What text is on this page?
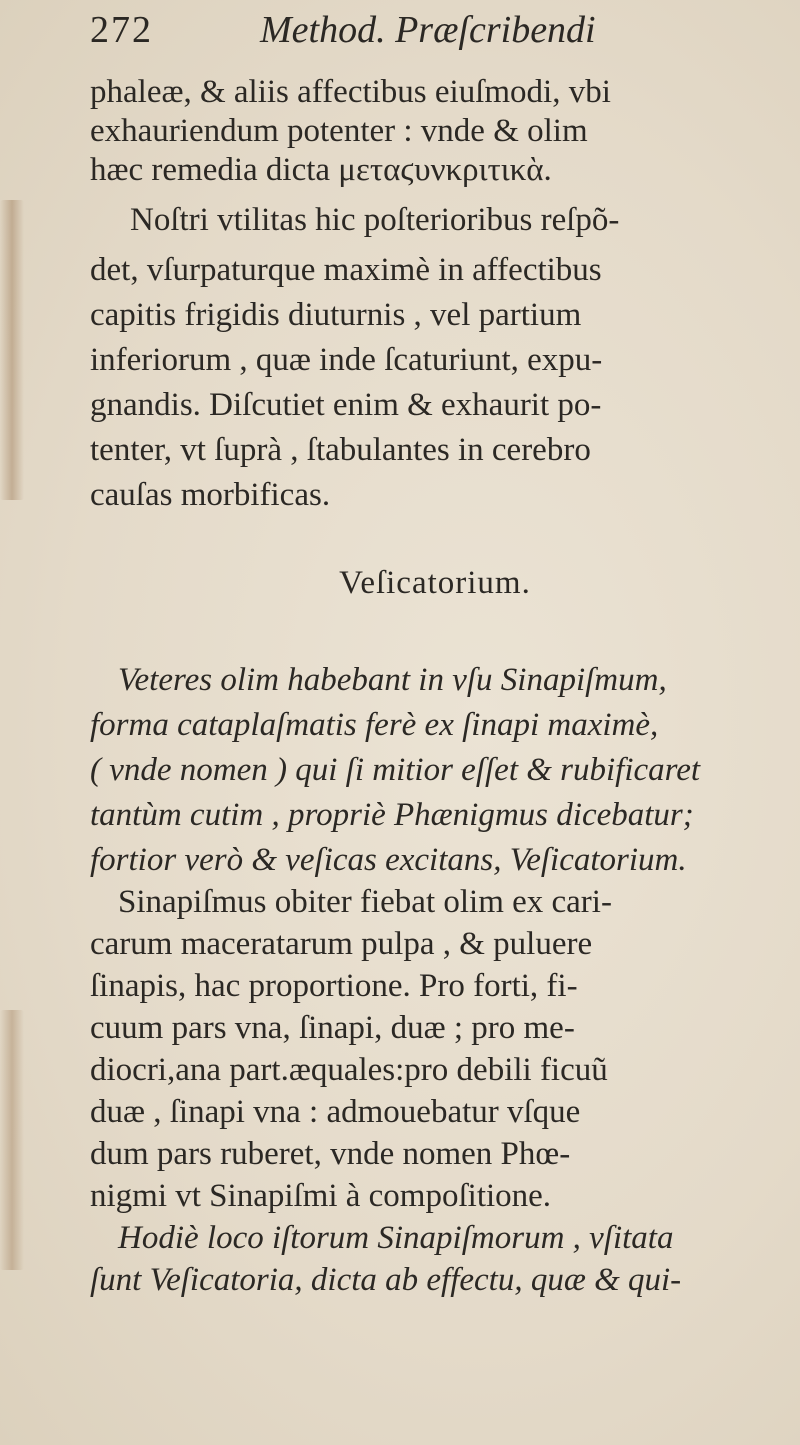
272	Method. Præſcribendi
phaleæ, & aliis affectibus eiuſmodi, vbi
exhauriendum potenter : vnde & olim
hæc remedia dicta μεταϛυνκριτικὰ.
Noſtri vtilitas hic poſterioribus reſpõ-
det, vſurpaturque maximè in affectibus
capitis frigidis diuturnis , vel partium
inferiorum , quæ inde ſcaturiunt, expu-
gnandis. Diſcutiet enim & exhaurit po-
tenter, vt ſuprà , ſtabulantes in cerebro
cauſas morbificas.
Veſicatorium.
Veteres olim habebant in vſu Sinapiſmum,
forma cataplaſmatis ferè ex ſinapi maximè,
( vnde nomen ) qui ſi mitior eſſet & rubificaret
tantùm cutim , propriè Phænigmus dicebatur;
fortior verò & veſicas excitans, Veſicatorium.
Sinapiſmus obiter fiebat olim ex cari-
carum maceratarum pulpa , & puluere
ſinapis, hac proportione. Pro forti, fi-
cuum pars vna, ſinapi, duæ ; pro me-
diocri,ana part.æquales:pro debili ficuũ
duæ , ſinapi vna : admouebatur vſque
dum pars ruberet, vnde nomen Phœ-
nigmi vt Sinapiſmi à compoſitione.
Hodiè loco iſtorum Sinapiſmorum , vſitata
ſunt Veſicatoria, dicta ab effectu, quæ & qui-
